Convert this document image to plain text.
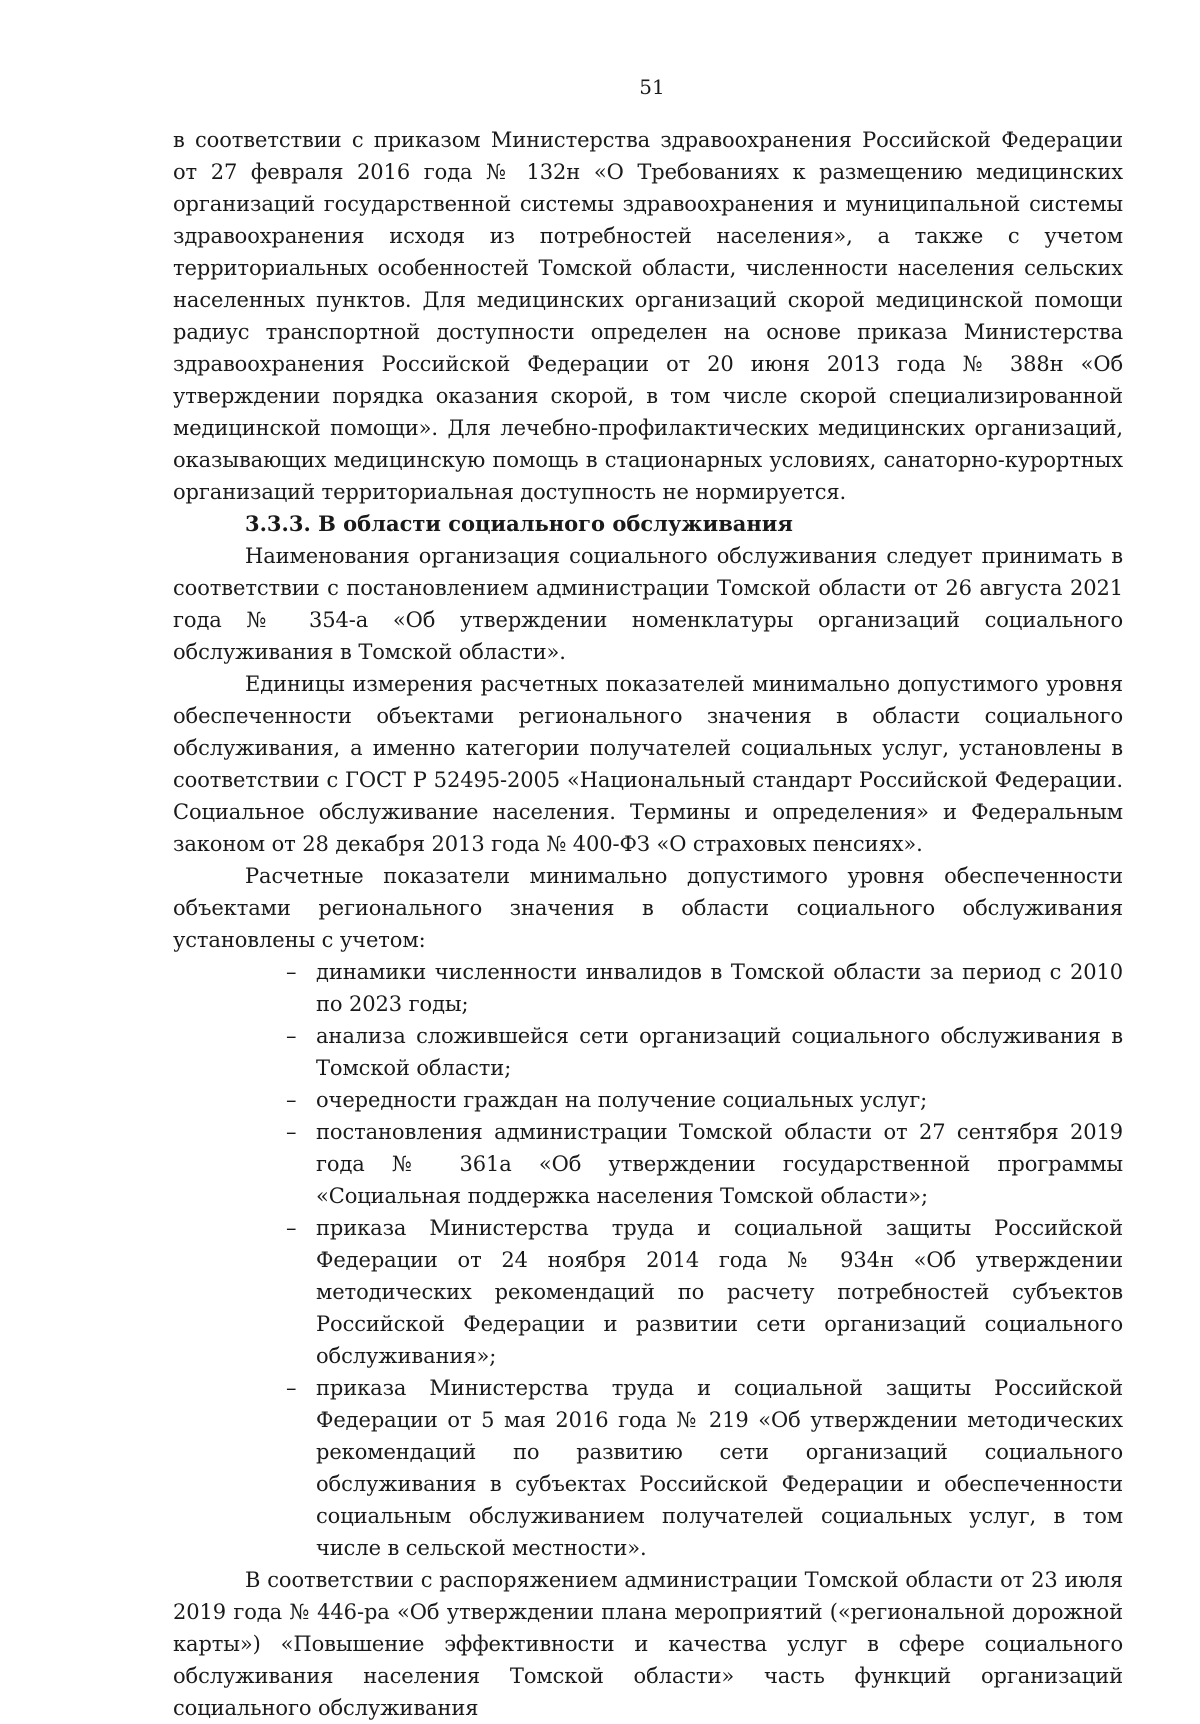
51

в соответствии с приказом Министерства здравоохранения Российской Федерации от 27 февраля 2016 года № 132н «О Требованиях к размещению медицинских организаций государственной системы здравоохранения и муниципальной системы здравоохранения исходя из потребностей населения», а также с учетом территориальных особенностей Томской области, численности населения сельских населенных пунктов. Для медицинских организаций скорой медицинской помощи радиус транспортной доступности определен на основе приказа Министерства здравоохранения Российской Федерации от 20 июня 2013 года № 388н «Об утверждении порядка оказания скорой, в том числе скорой специализированной медицинской помощи». Для лечебно-профилактических медицинских организаций, оказывающих медицинскую помощь в стационарных условиях, санаторно-курортных организаций территориальная доступность не нормируется.

3.3.3. В области социального обслуживания

Наименования организация социального обслуживания следует принимать в соответствии с постановлением администрации Томской области от 26 августа 2021 года № 354-а «Об утверждении номенклатуры организаций социального обслуживания в Томской области».

Единицы измерения расчетных показателей минимально допустимого уровня обеспеченности объектами регионального значения в области социального обслуживания, а именно категории получателей социальных услуг, установлены в соответствии с ГОСТ Р 52495-2005 «Национальный стандарт Российской Федерации. Социальное обслуживание населения. Термины и определения» и Федеральным законом от 28 декабря 2013 года № 400-ФЗ «О страховых пенсиях».

Расчетные показатели минимально допустимого уровня обеспеченности объектами регионального значения в области социального обслуживания установлены с учетом:

– динамики численности инвалидов в Томской области за период с 2010 по 2023 годы;
– анализа сложившейся сети организаций социального обслуживания в Томской области;
– очередности граждан на получение социальных услуг;
– постановления администрации Томской области от 27 сентября 2019 года № 361а «Об утверждении государственной программы «Социальная поддержка населения Томской области»;
– приказа Министерства труда и социальной защиты Российской Федерации от 24 ноября 2014 года № 934н «Об утверждении методических рекомендаций по расчету потребностей субъектов Российской Федерации и развитии сети организаций социального обслуживания»;
– приказа Министерства труда и социальной защиты Российской Федерации от 5 мая 2016 года № 219 «Об утверждении методических рекомендаций по развитию сети организаций социального обслуживания в субъектах Российской Федерации и обеспеченности социальным обслуживанием получателей социальных услуг, в том числе в сельской местности».

В соответствии с распоряжением администрации Томской области от 23 июля 2019 года № 446-ра «Об утверждении плана мероприятий («региональной дорожной карты») «Повышение эффективности и качества услуг в сфере социального обслуживания населения Томской области» часть функций организаций социального обслуживания
